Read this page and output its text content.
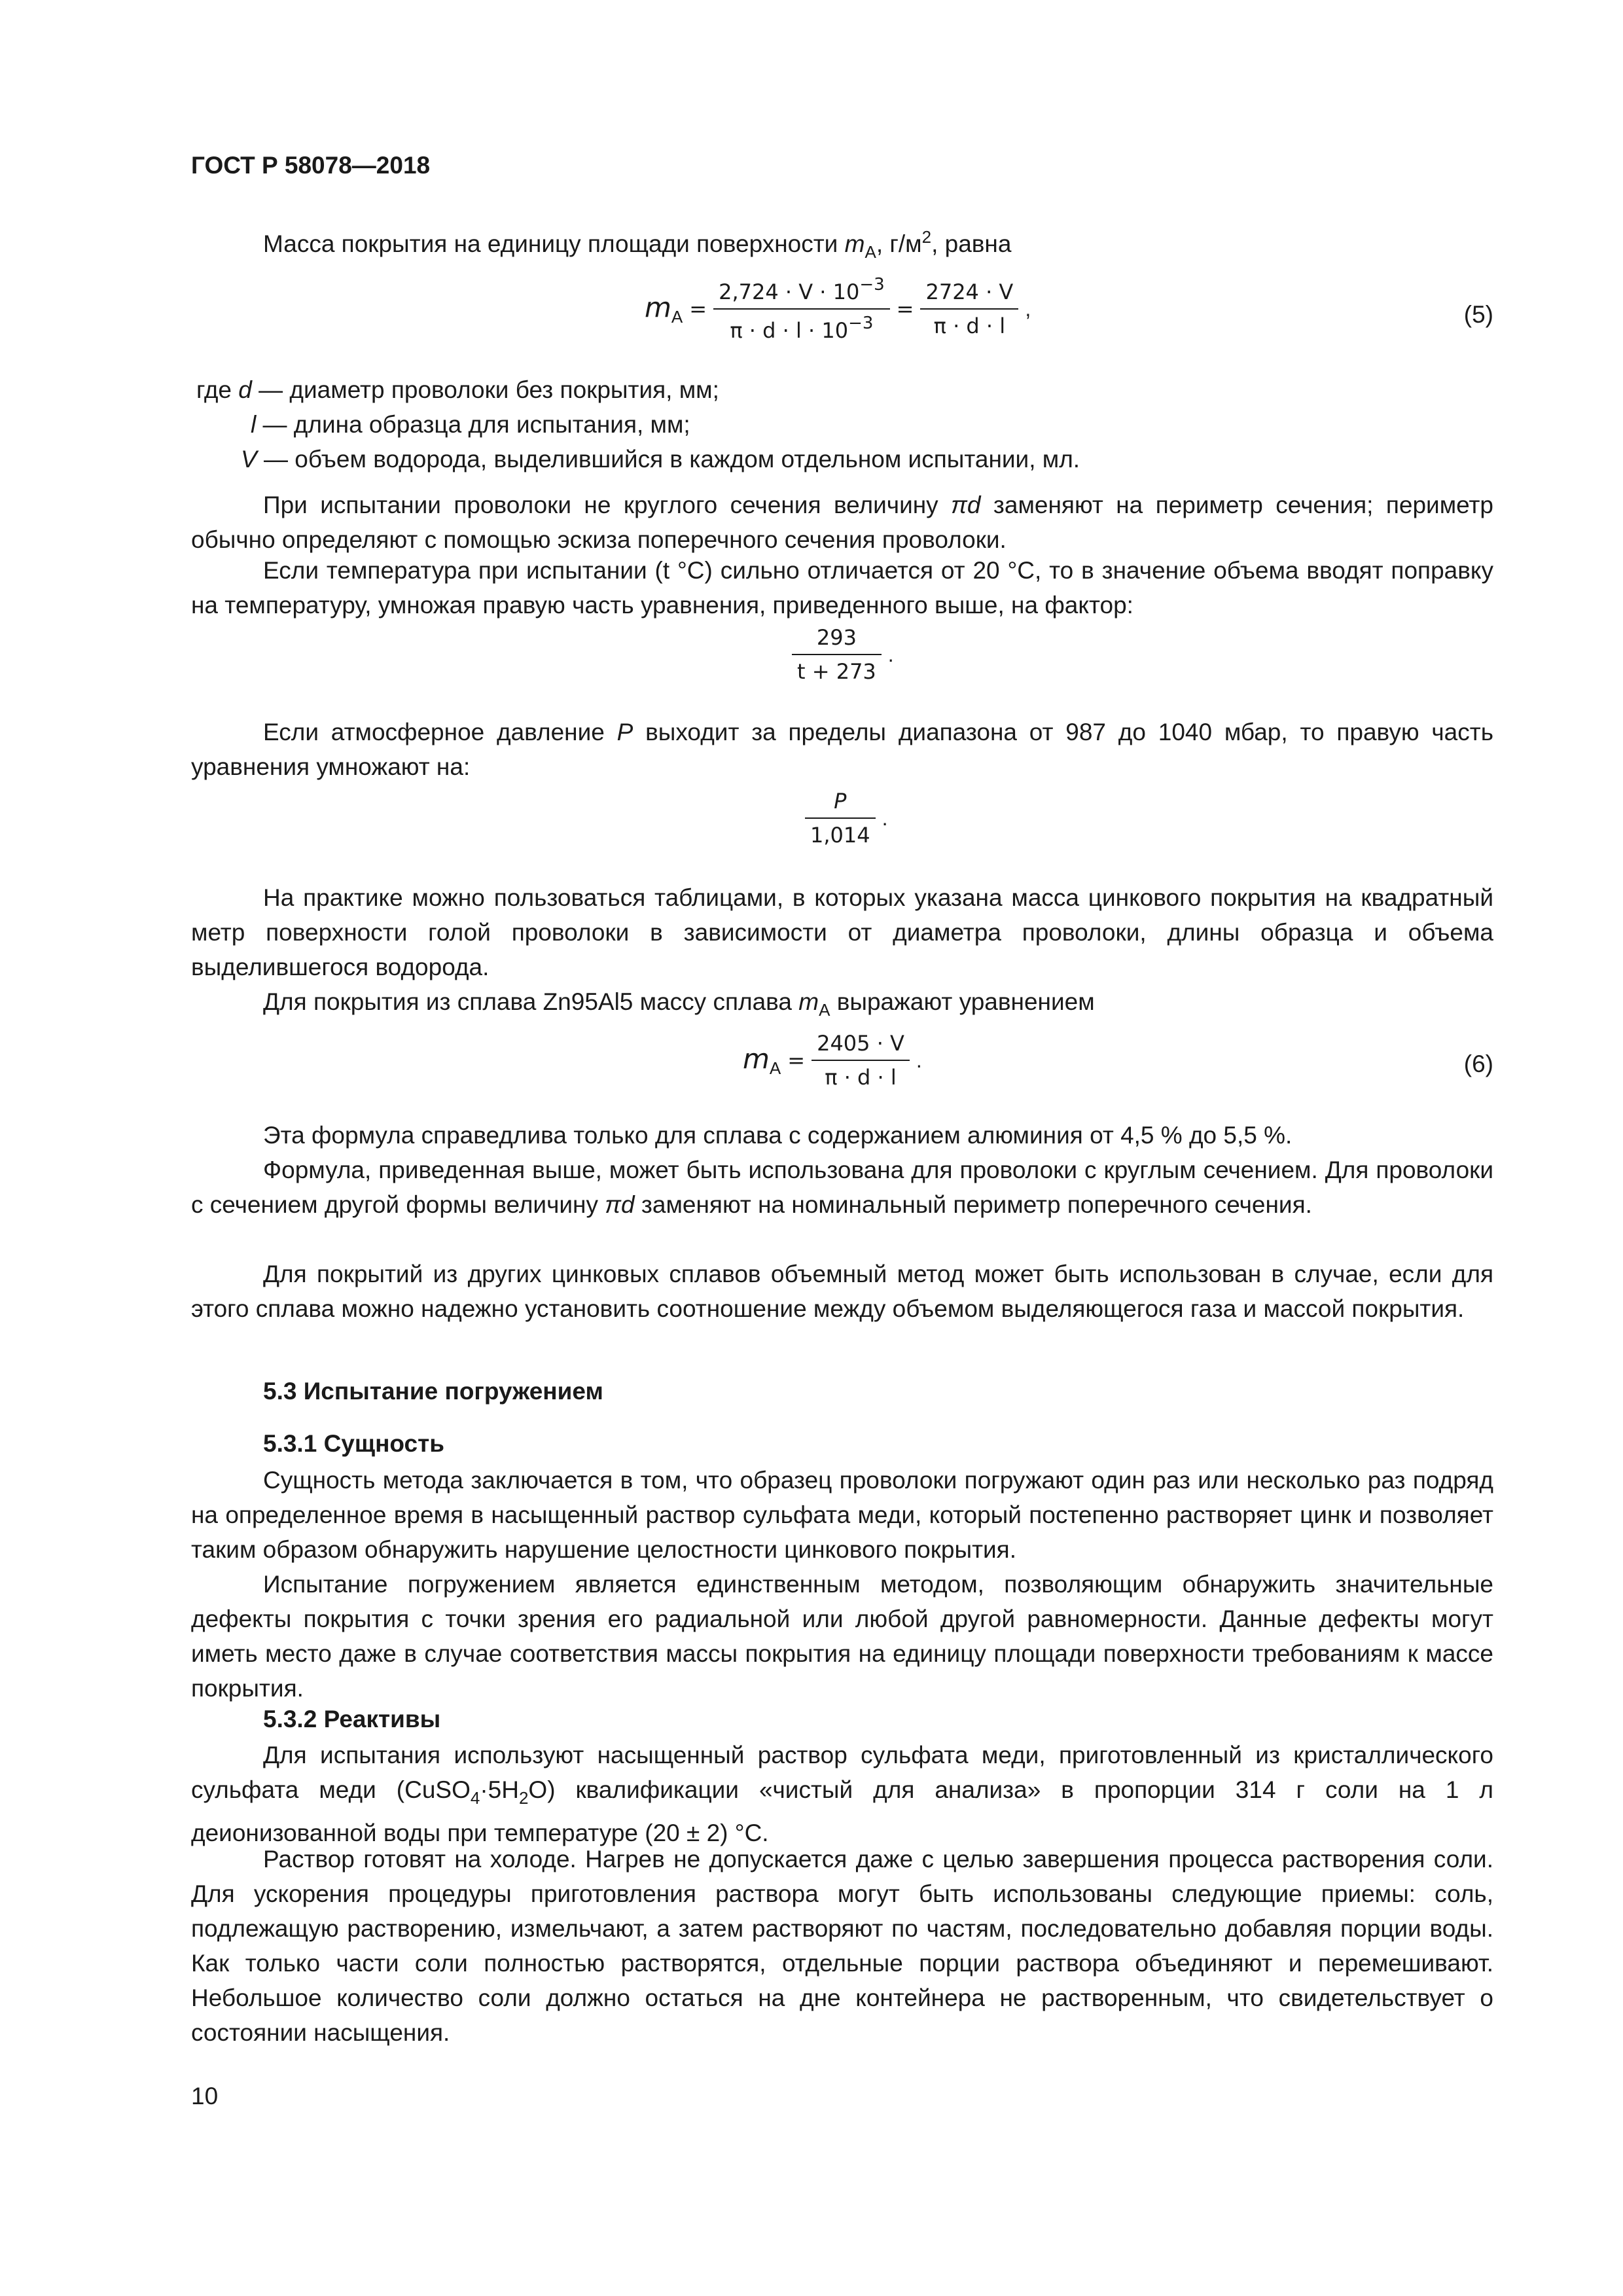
ГОСТ Р 58078—2018
Масса покрытия на единицу площади поверхности $m_A$, $г/м^2$, равна
$m_A = \frac{2,724 \cdot V \cdot 10^{-3}}{\pi \cdot d \cdot l \cdot 10^{-3}} = \frac{2724 \cdot V}{\pi \cdot d \cdot l}$ ,	(5)
где d — диаметр проволоки без покрытия, мм;
l — длина образца для испытания, мм;
V — объем водорода, выделившийся в каждом отдельном испытании, мл.
При испытании проволоки не круглого сечения величину πd заменяют на периметр сечения; периметр обычно определяют с помощью эскиза поперечного сечения проволоки.
Если температура при испытании (t °C) сильно отличается от 20 °C, то в значение объема вводят поправку на температуру, умножая правую часть уравнения, приведенного выше, на фактор:
$\frac{293}{t + 273}$ .
Если атмосферное давление P выходит за пределы диапазона от 987 до 1040 мбар, то правую часть уравнения умножают на:
$\frac{P}{1,014}$ .
На практике можно пользоваться таблицами, в которых указана масса цинкового покрытия на квадратный метр поверхности голой проволоки в зависимости от диаметра проволоки, длины образца и объема выделившегося водорода.
Для покрытия из сплава Zn95Al5 массу сплава $m_A$ выражают уравнением
$m_A = \frac{2405 \cdot V}{\pi \cdot d \cdot l}$ .	(6)
Эта формула справедлива только для сплава с содержанием алюминия от 4,5 % до 5,5 %.
Формула, приведенная выше, может быть использована для проволоки с круглым сечением. Для проволоки с сечением другой формы величину πd заменяют на номинальный периметр поперечного сечения.
Для покрытий из других цинковых сплавов объемный метод может быть использован в случае, если для этого сплава можно надежно установить соотношение между объемом выделяющегося газа и массой покрытия.
5.3 Испытание погружением
5.3.1 Сущность
Сущность метода заключается в том, что образец проволоки погружают один раз или несколько раз подряд на определенное время в насыщенный раствор сульфата меди, который постепенно растворяет цинк и позволяет таким образом обнаружить нарушение целостности цинкового покрытия.
Испытание погружением является единственным методом, позволяющим обнаружить значительные дефекты покрытия с точки зрения его радиальной или любой другой равномерности. Данные дефекты могут иметь место даже в случае соответствия массы покрытия на единицу площади поверхности требованиям к массе покрытия.
5.3.2 Реактивы
Для испытания используют насыщенный раствор сульфата меди, приготовленный из кристаллического сульфата меди $(CuSO_4\cdot 5H_2O)$ квалификации «чистый для анализа» в пропорции 314 г соли на 1 л деионизованной воды при температуре (20 ± 2) °С.
Раствор готовят на холоде. Нагрев не допускается даже с целью завершения процесса растворения соли. Для ускорения процедуры приготовления раствора могут быть использованы следующие приемы: соль, подлежащую растворению, измельчают, а затем растворяют по частям, последовательно добавляя порции воды. Как только части соли полностью растворятся, отдельные порции раствора объединяют и перемешивают. Небольшое количество соли должно остаться на дне контейнера не растворенным, что свидетельствует о состоянии насыщения.
10
